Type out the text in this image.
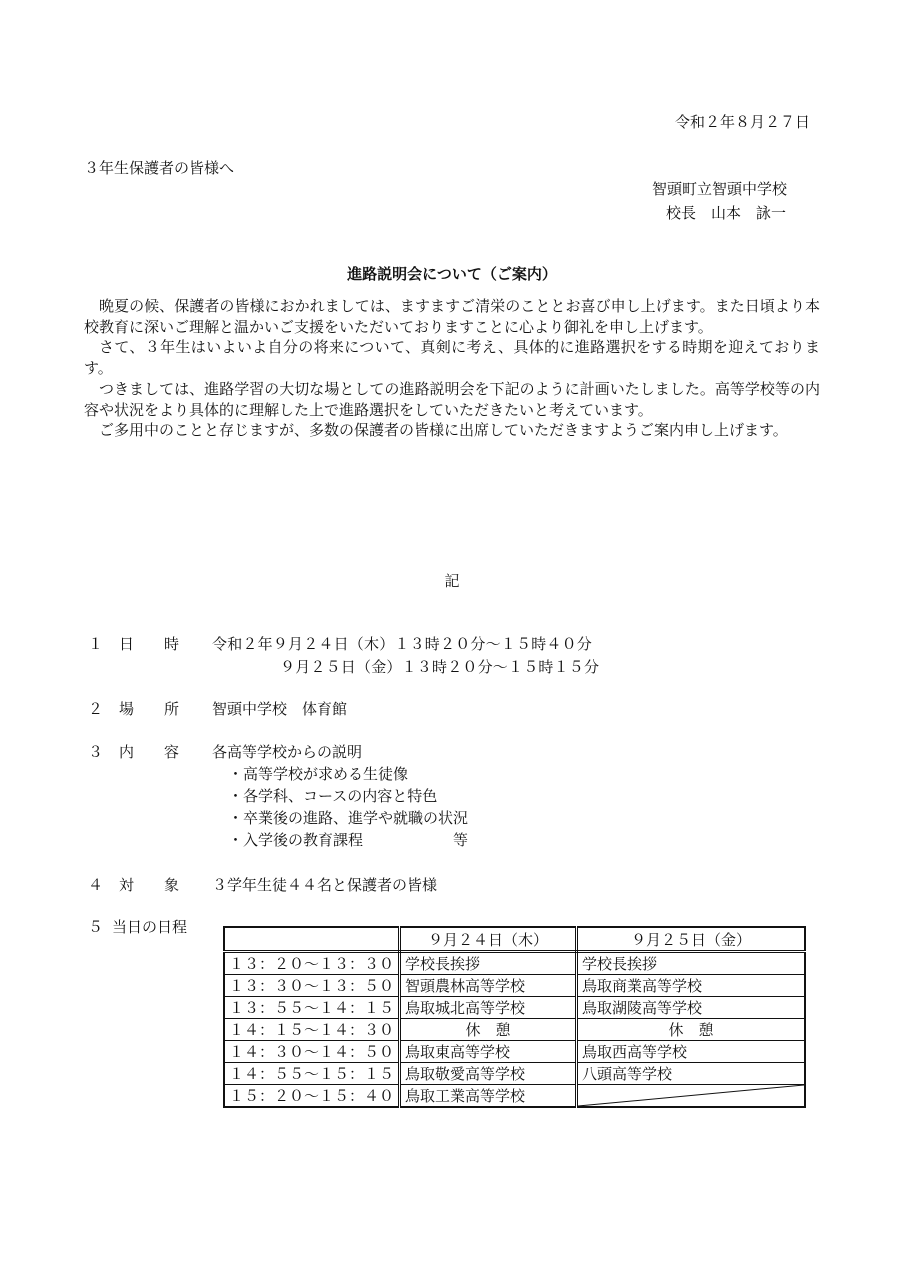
令和２年８月２７日
３年生保護者の皆様へ
智頭町立智頭中学校
校長　山本　詠一
進路説明会について（ご案内）

晩夏の候、保護者の皆様におかれましては、ますますご清栄のこととお喜び申し上げます。また日頃より本校教育に深いご理解と温かいご支援をいただいておりますことに心より御礼を申し上げます。

さて、３年生はいよいよ自分の将来について、真剣に考え、具体的に進路選択をする時期を迎えております。

つきましては、進路学習の大切な場としての進路説明会を下記のように計画いたしました。高等学校等の内容や状況をより具体的に理解した上で進路選択をしていただきたいと考えています。

ご多用中のことと存じますが、多数の保護者の皆様に出席していただきますようご案内申し上げます。

記
１ 日　　時 令和２年９月２４日（木）１３時２０分～１５時４０分
９月２５日（金）１３時２０分～１５時１５分
２ 場　　所 智頭中学校　体育館
３ 内　　容 各高等学校からの説明
・高等学校が求める生徒像
・各学科、コースの内容と特色
・卒業後の進路、進学や就職の状況
・入学後の教育課程　　　　　　等
４ 対　　象 ３学年生徒４４名と保護者の皆様
５ 当日の日程
	９月２４日（木）	９月２５日（金）
１３：２０～１３：３０	学校長挨拶	学校長挨拶
１３：３０～１３：５０	智頭農林高等学校	鳥取商業高等学校
１３：５５～１４：１５	鳥取城北高等学校	鳥取湖陵高等学校
１４：１５～１４：３０	休　憩	休　憩
１４：３０～１４：５０	鳥取東高等学校	鳥取西高等学校
１４：５５～１５：１５	鳥取敬愛高等学校	八頭高等学校
１５：２０～１５：４０	鳥取工業高等学校	
